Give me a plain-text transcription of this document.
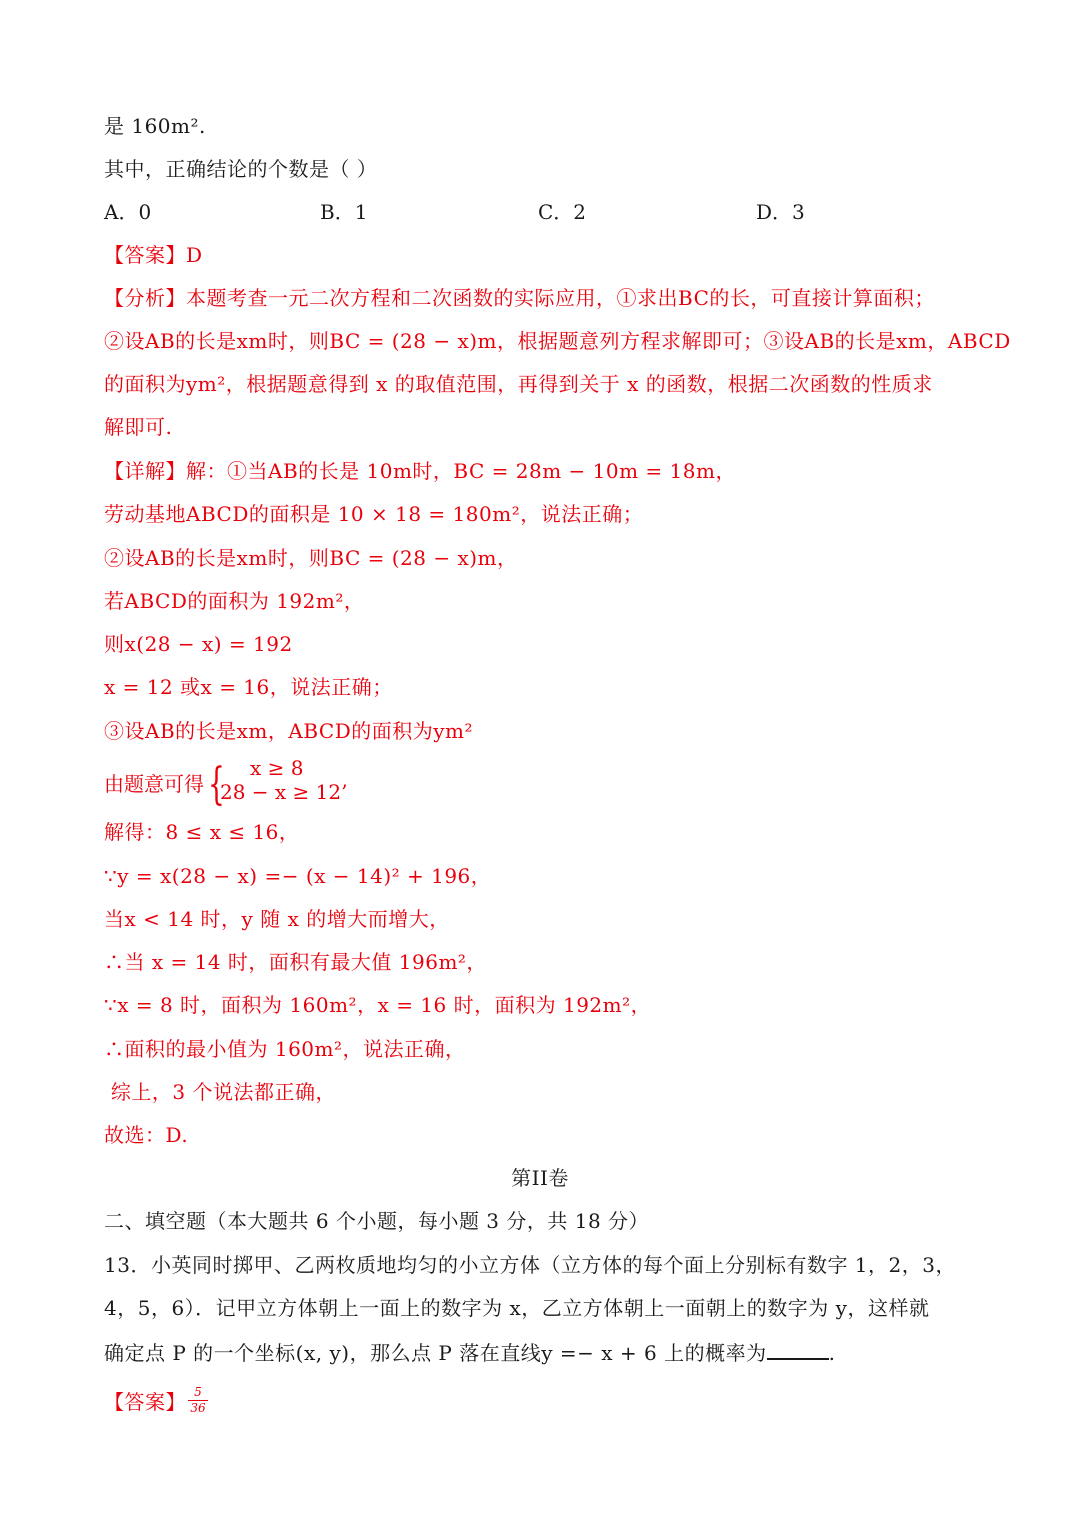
是 160m².
其中，正确结论的个数是（ ）
A．0	B．1	C．2	D．3
【答案】D
【分析】本题考查一元二次方程和二次函数的实际应用，①求出BC的长，可直接计算面积；
②设AB的长是xm时，则BC = (28 − x)m，根据题意列方程求解即可；③设AB的长是xm，ABCD
的面积为ym²，根据题意得到 x 的取值范围，再得到关于 x 的函数，根据二次函数的性质求
解即可.
【详解】解：①当AB的长是 10m时，BC = 28m − 10m = 18m，
劳动基地ABCD的面积是 10 × 18 = 180m²，说法正确；
②设AB的长是xm时，则BC = (28 − x)m，
若ABCD的面积为 192m²，
则x(28 − x) = 192
x = 12 或x = 16，说法正确；
③设AB的长是xm，ABCD的面积为ym²
由题意可得 { x ≥ 8
28 − x ≥ 12’
解得：8 ≤ x ≤ 16，
∵y = x(28 − x) =− (x − 14)² + 196，
当x < 14 时，y 随 x 的增大而增大，
∴当 x = 14 时，面积有最大值 196m²，
∵x = 8 时，面积为 160m²，x = 16 时，面积为 192m²，
∴面积的最小值为 160m²，说法正确，
综上，3 个说法都正确，
故选：D.
第II卷
二、填空题（本大题共 6 个小题，每小题 3 分，共 18 分）
13．小英同时掷甲、乙两枚质地均匀的小立方体（立方体的每个面上分别标有数字 1，2，3，
4，5，6）．记甲立方体朝上一面上的数字为 x，乙立方体朝上一面朝上的数字为 y，这样就
确定点 P 的一个坐标(x, y)，那么点 P 落在直线y =− x + 6 上的概率为	.
【答案】 5
36
